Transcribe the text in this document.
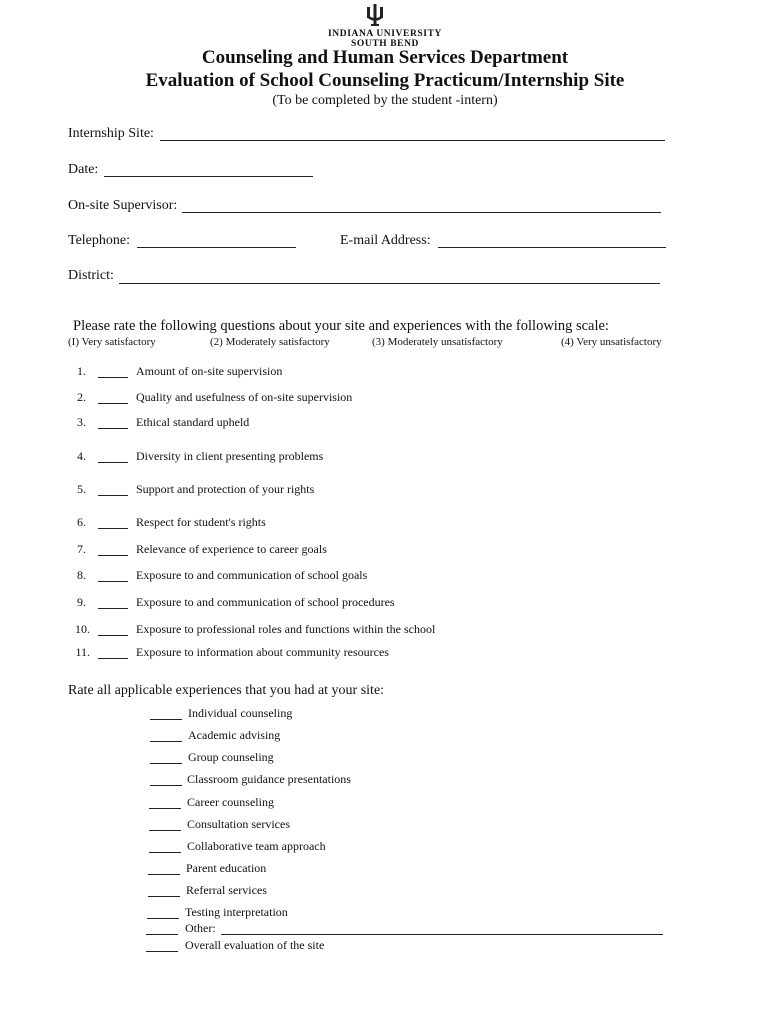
INDIANA UNIVERSITY
SOUTH BEND
Counseling and Human Services Department
Evaluation of School Counseling Practicum/Internship Site
(To be completed by the student -intern)
Internship Site:
Date:
On-site Supervisor:
Telephone:	E-mail Address:
District:
Please rate the following questions about your site and experiences with the following scale:
(I) Very satisfactory	(2) Moderately satisfactory	(3) Moderately unsatisfactory	(4) Very unsatisfactory
1.	Amount of on-site supervision
2.	Quality and usefulness of on-site supervision
3.	Ethical standard upheld
4.	Diversity in client presenting problems
5.	Support and protection of your rights
6.	Respect for student's rights
7.	Relevance of experience to career goals
8.	Exposure to and communication of school goals
9.	Exposure to and communication of school procedures
10.	Exposure to professional roles and functions within the school
11.	Exposure to information about community resources
Rate all applicable experiences that you had at your site:
Individual counseling
Academic advising
Group counseling
Classroom guidance presentations
Career counseling
Consultation services
Collaborative team approach
Parent education
Referral services
Testing interpretation
Other:
Overall evaluation of the site
